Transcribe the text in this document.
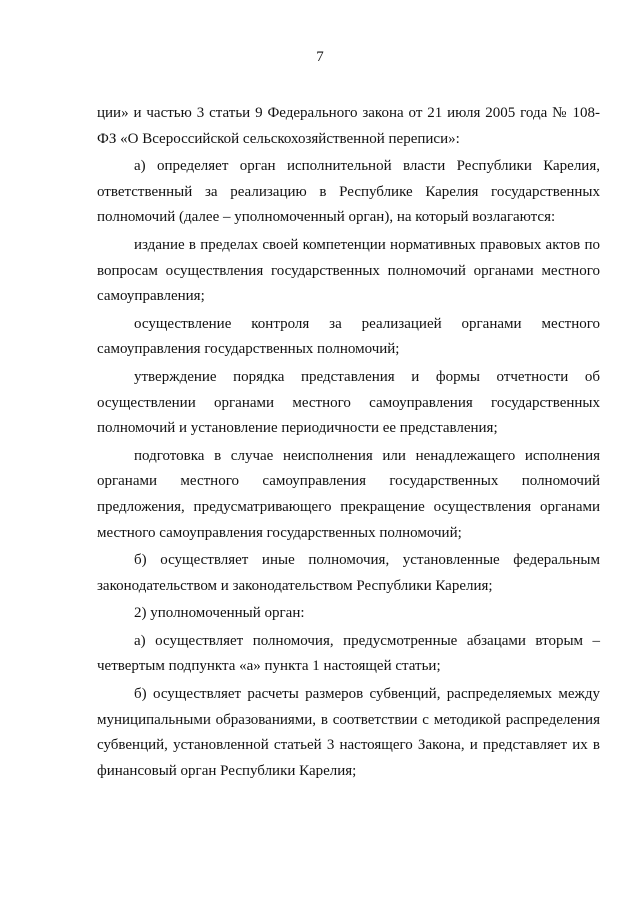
7

ции» и частью 3 статьи 9 Федерального закона от 21 июля 2005 года № 108-ФЗ «О Всероссийской сельскохозяйственной переписи»:

а) определяет орган исполнительной власти Республики Карелия, ответственный за реализацию в Республике Карелия государственных полномочий (далее – уполномоченный орган), на который возлагаются:

издание в пределах своей компетенции нормативных правовых актов по вопросам осуществления государственных полномочий органами местного самоуправления;

осуществление контроля за реализацией органами местного самоуправления государственных полномочий;

утверждение порядка представления и формы отчетности об осуществлении органами местного самоуправления государственных полномочий и установление периодичности ее представления;

подготовка в случае неисполнения или ненадлежащего исполнения органами местного самоуправления государственных полномочий предложения, предусматривающего прекращение осуществления органами местного самоуправления государственных полномочий;

б) осуществляет иные полномочия, установленные федеральным законодательством и законодательством Республики Карелия;

2) уполномоченный орган:

а) осуществляет полномочия, предусмотренные абзацами вторым – четвертым подпункта «а» пункта 1 настоящей статьи;

б) осуществляет расчеты размеров субвенций, распределяемых между муниципальными образованиями, в соответствии с методикой распределения субвенций, установленной статьей 3 настоящего Закона, и представляет их в финансовый орган Республики Карелия;
